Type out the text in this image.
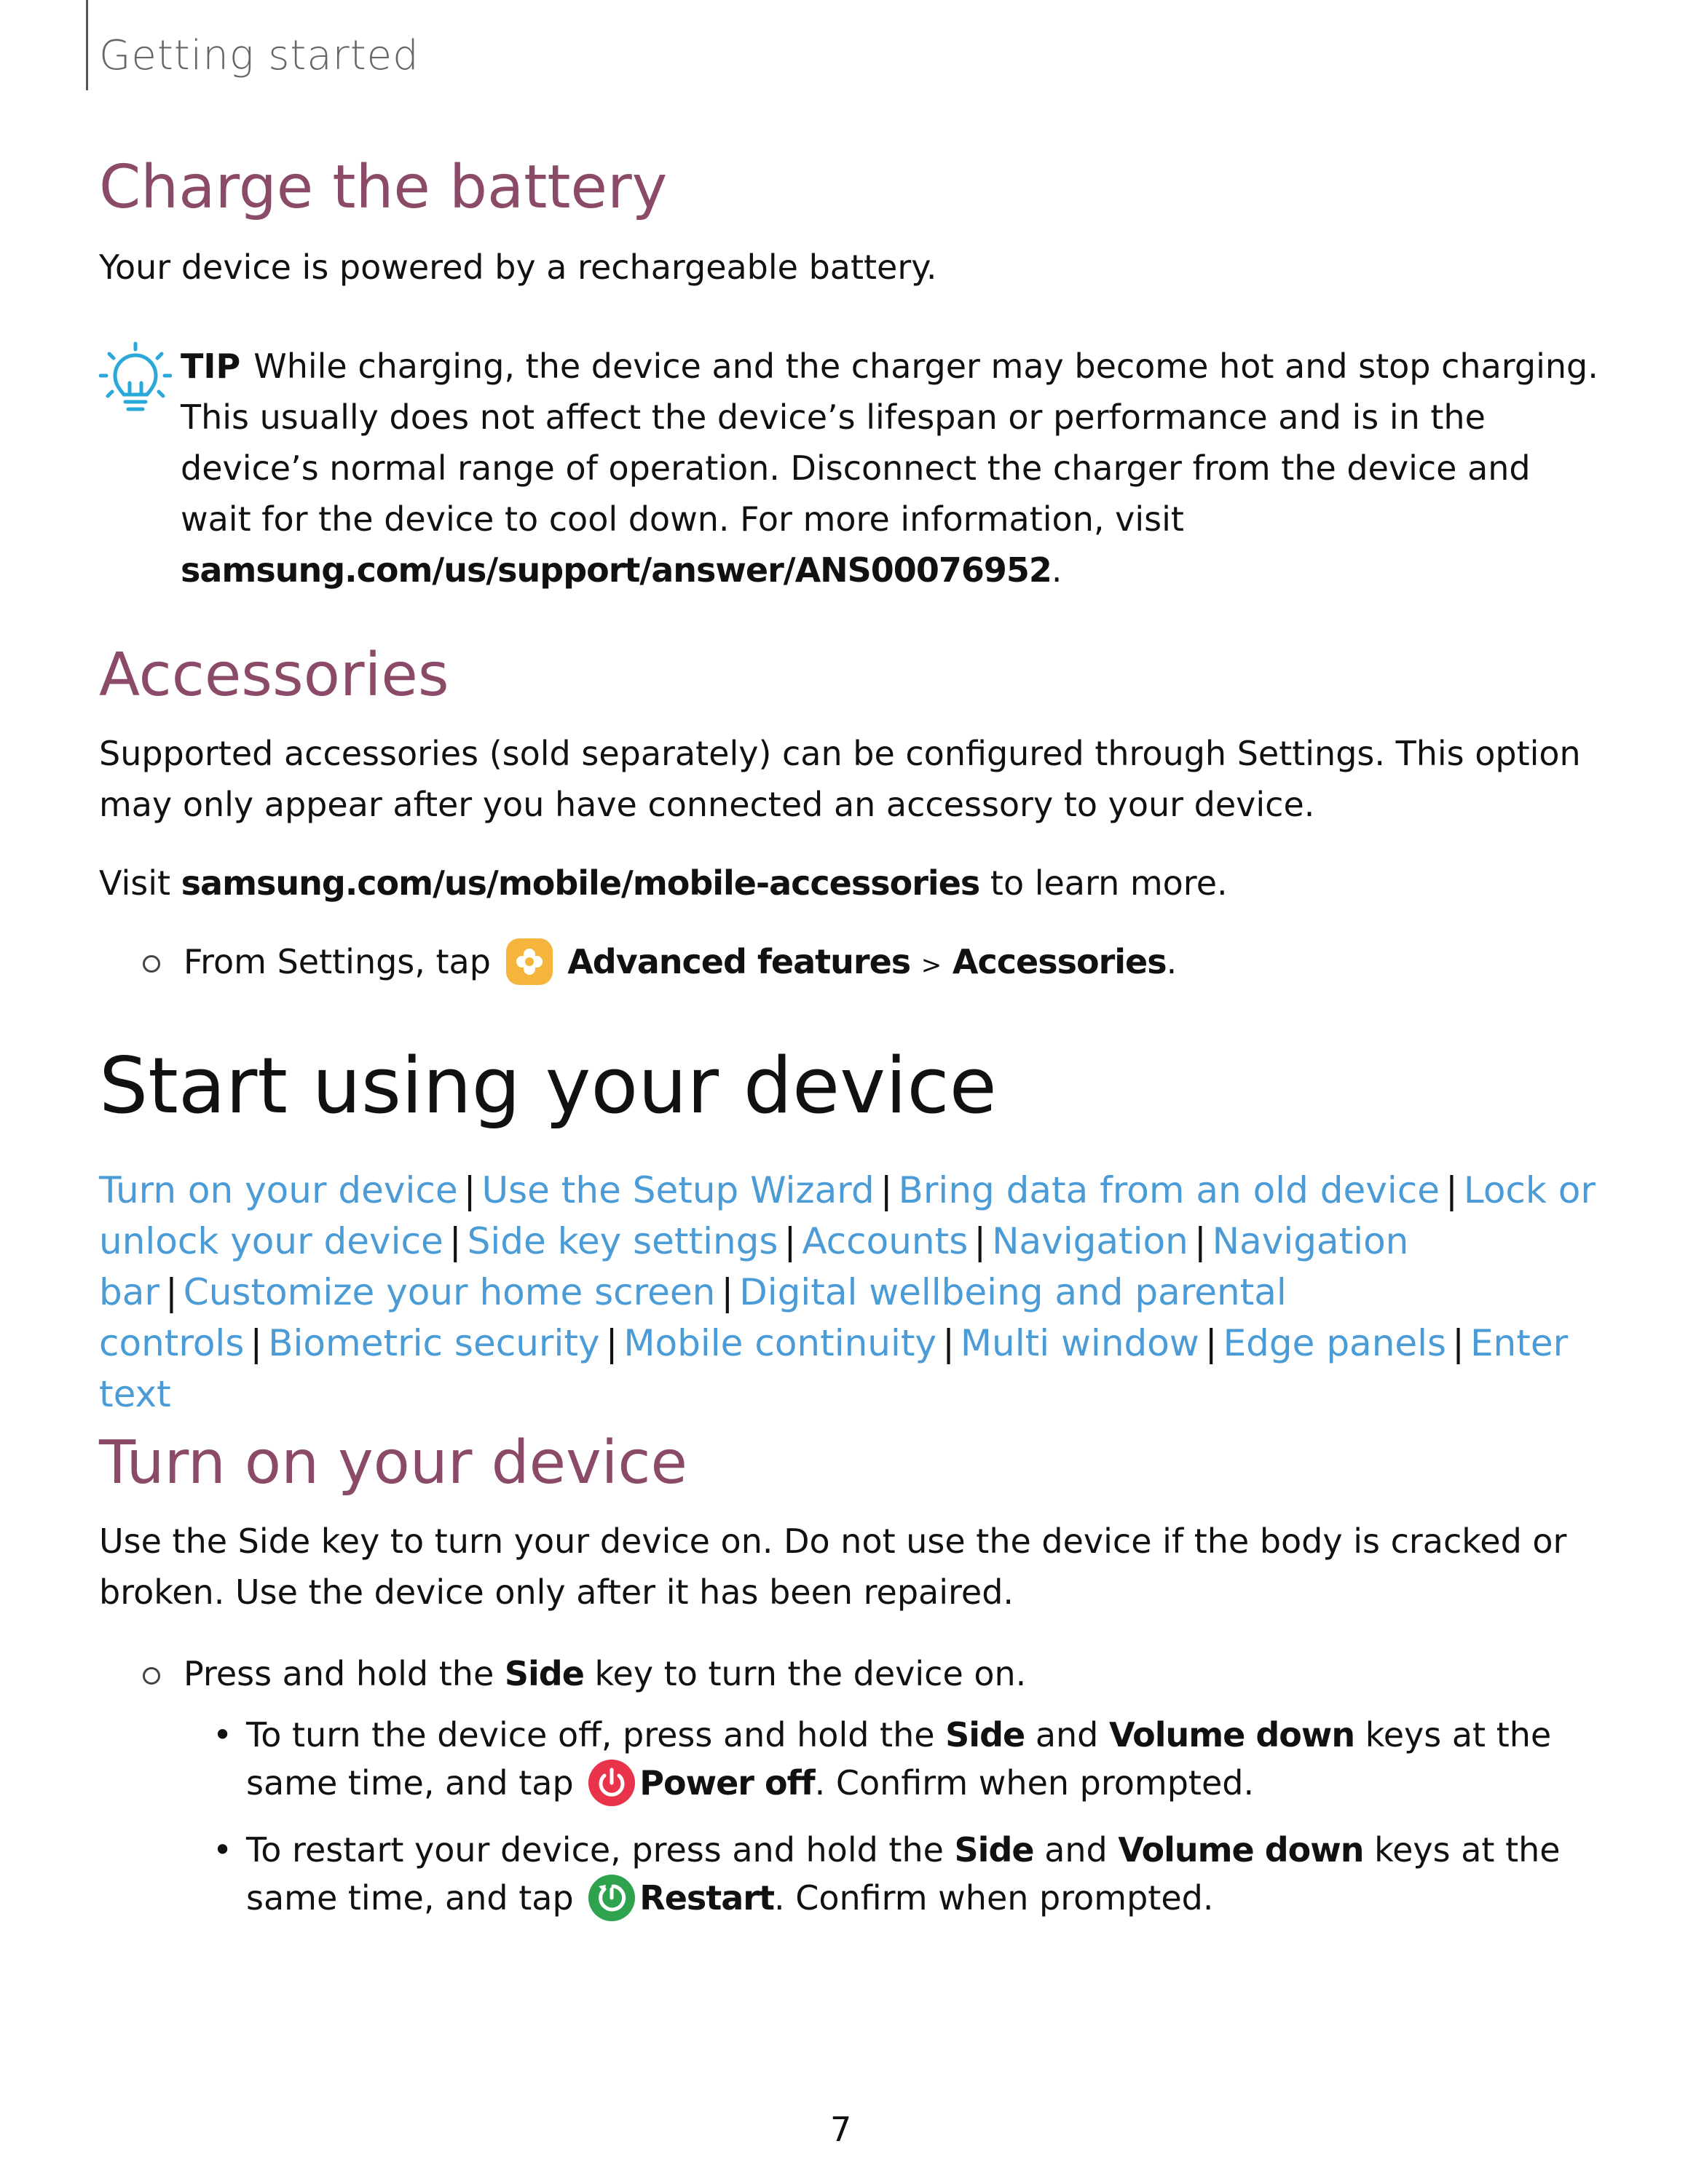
Getting started
Charge the battery
Your device is powered by a rechargeable battery.
TIP While charging, the device and the charger may become hot and stop charging. This usually does not affect the device’s lifespan or performance and is in the device’s normal range of operation. Disconnect the charger from the device and wait for the device to cool down. For more information, visit samsung.com/us/support/answer/ANS00076952.
Accessories
Supported accessories (sold separately) can be configured through Settings. This option may only appear after you have connected an accessory to your device.
Visit samsung.com/us/mobile/mobile-accessories to learn more.
From Settings, tap Advanced features > Accessories.
Start using your device
Turn on your device | Use the Setup Wizard | Bring data from an old device | Lock or unlock your device | Side key settings | Accounts | Navigation | Navigation bar | Customize your home screen | Digital wellbeing and parental controls | Biometric security | Mobile continuity | Multi window | Edge panels | Enter text
Turn on your device
Use the Side key to turn your device on. Do not use the device if the body is cracked or broken. Use the device only after it has been repaired.
Press and hold the Side key to turn the device on.
• To turn the device off, press and hold the Side and Volume down keys at the same time, and tap Power off. Confirm when prompted.
• To restart your device, press and hold the Side and Volume down keys at the same time, and tap Restart. Confirm when prompted.
7
